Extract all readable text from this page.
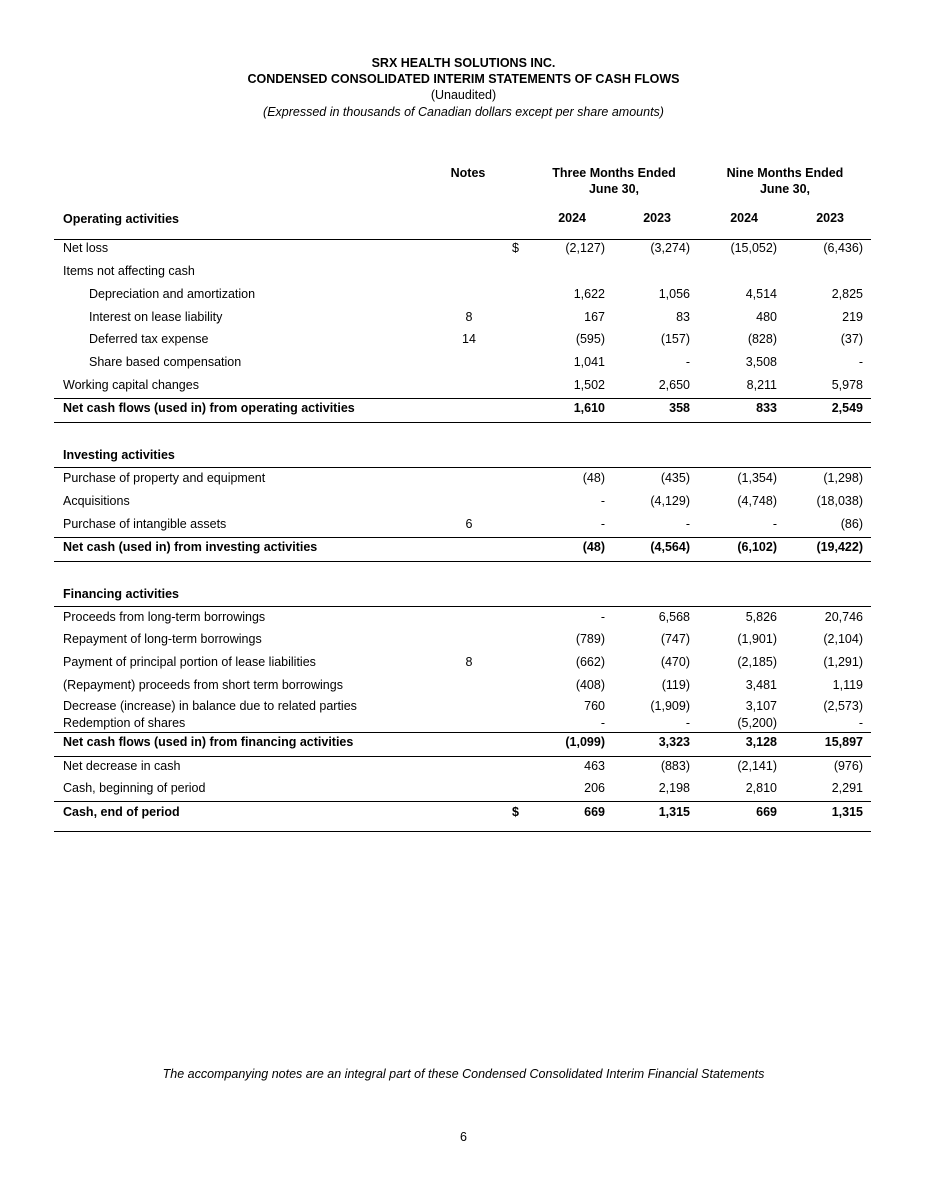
SRX HEALTH SOLUTIONS INC.
CONDENSED CONSOLIDATED INTERIM STATEMENTS OF CASH FLOWS
(Unaudited)
(Expressed in thousands of Canadian dollars except per share amounts)
Notes	Three Months Ended
June 30,
Nine Months Ended
June 30,
Operating activities	2024	2023	2024	2023
Net loss	$	(2,127)	(3,274)	(15,052)	(6,436)
Items not affecting cash
Depreciation and amortization	1,622	1,056	4,514	2,825
Interest on lease liability	8	167	83	480	219
Deferred tax expense	14	(595)	(157)	(828)	(37)
Share based compensation	1,041	-	3,508	-
Working capital changes	1,502	2,650	8,211	5,978
Net cash flows (used in) from operating activities	1,610	358	833	2,549
Investing activities
Purchase of property and equipment	(48)	(435)	(1,354)	(1,298)
Acquisitions	-	(4,129)	(4,748)	(18,038)
Purchase of intangible assets	6	-	-	-	(86)
Net cash (used in) from investing activities	(48)	(4,564)	(6,102)	(19,422)
Financing activities
Proceeds from long-term borrowings	-	6,568	5,826	20,746
Repayment of long-term borrowings	(789)	(747)	(1,901)	(2,104)
Payment of principal portion of lease liabilities	8	(662)	(470)	(2,185)	(1,291)
(Repayment) proceeds from short term borrowings	(408)	(119)	3,481	1,119
Decrease (increase) in balance due to related parties	760	(1,909)	3,107	(2,573)
Redemption of shares	-	-	(5,200)	-
Net cash flows (used in) from financing activities	(1,099)	3,323	3,128	15,897
Net decrease in cash	463	(883)	(2,141)	(976)
Cash, beginning of period	206	2,198	2,810	2,291
Cash, end of period	$	669	1,315	669	1,315
The accompanying notes are an integral part of these Condensed Consolidated Interim Financial Statements
6
